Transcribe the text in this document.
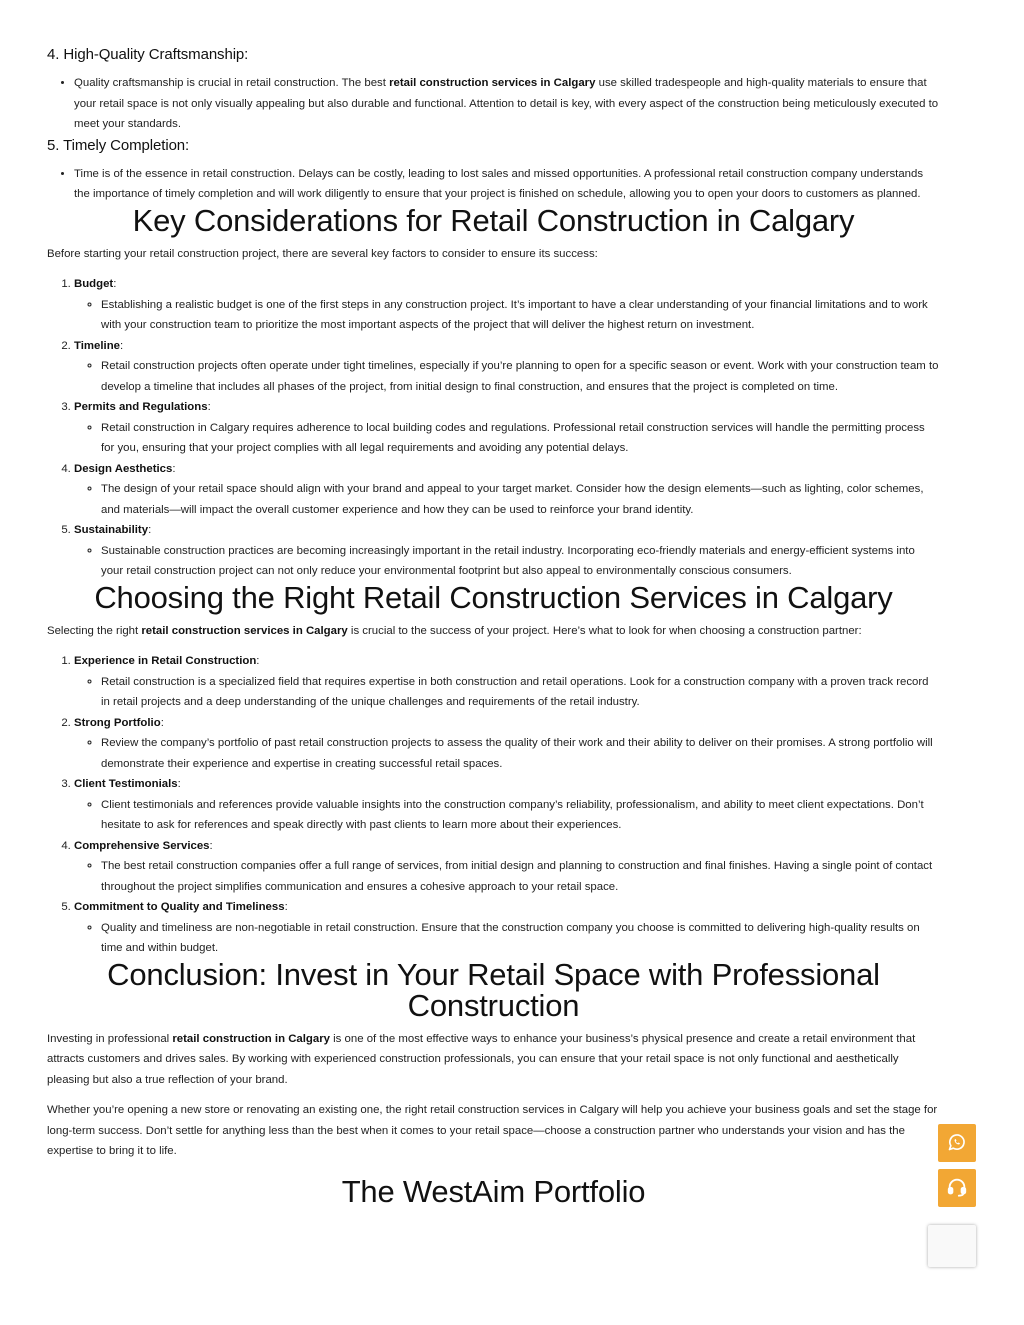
4. High-Quality Craftsmanship:
• Quality craftsmanship is crucial in retail construction. The best retail construction services in Calgary use skilled tradespeople and high-quality materials to ensure that your retail space is not only visually appealing but also durable and functional. Attention to detail is key, with every aspect of the construction being meticulously executed to meet your standards.
5. Timely Completion:
• Time is of the essence in retail construction. Delays can be costly, leading to lost sales and missed opportunities. A professional retail construction company understands the importance of timely completion and will work diligently to ensure that your project is finished on schedule, allowing you to open your doors to customers as planned.
Key Considerations for Retail Construction in Calgary

Before starting your retail construction project, there are several key factors to consider to ensure its success:

1. Budget:
◦ Establishing a realistic budget is one of the first steps in any construction project. It’s important to have a clear understanding of your financial limitations and to work with your construction team to prioritize the most important aspects of the project that will deliver the highest return on investment.
2. Timeline:
◦ Retail construction projects often operate under tight timelines, especially if you’re planning to open for a specific season or event. Work with your construction team to develop a timeline that includes all phases of the project, from initial design to final construction, and ensures that the project is completed on time.
3. Permits and Regulations:
◦ Retail construction in Calgary requires adherence to local building codes and regulations. Professional retail construction services will handle the permitting process for you, ensuring that your project complies with all legal requirements and avoiding any potential delays.
4. Design Aesthetics:
◦ The design of your retail space should align with your brand and appeal to your target market. Consider how the design elements—such as lighting, color schemes, and materials—will impact the overall customer experience and how they can be used to reinforce your brand identity.
5. Sustainability:
◦ Sustainable construction practices are becoming increasingly important in the retail industry. Incorporating eco-friendly materials and energy-efficient systems into your retail construction project can not only reduce your environmental footprint but also appeal to environmentally conscious consumers.
Choosing the Right Retail Construction Services in Calgary

Selecting the right retail construction services in Calgary is crucial to the success of your project. Here’s what to look for when choosing a construction partner:

1. Experience in Retail Construction:
◦ Retail construction is a specialized field that requires expertise in both construction and retail operations. Look for a construction company with a proven track record in retail projects and a deep understanding of the unique challenges and requirements of the retail industry.
2. Strong Portfolio:
◦ Review the company’s portfolio of past retail construction projects to assess the quality of their work and their ability to deliver on their promises. A strong portfolio will demonstrate their experience and expertise in creating successful retail spaces.
3. Client Testimonials:
◦ Client testimonials and references provide valuable insights into the construction company’s reliability, professionalism, and ability to meet client expectations. Don’t hesitate to ask for references and speak directly with past clients to learn more about their experiences.
4. Comprehensive Services:
◦ The best retail construction companies offer a full range of services, from initial design and planning to construction and final finishes. Having a single point of contact throughout the project simplifies communication and ensures a cohesive approach to your retail space.
5. Commitment to Quality and Timeliness:
◦ Quality and timeliness are non-negotiable in retail construction. Ensure that the construction company you choose is committed to delivering high-quality results on time and within budget.
Conclusion: Invest in Your Retail Space with Professional Construction

Investing in professional retail construction in Calgary is one of the most effective ways to enhance your business’s physical presence and create a retail environment that attracts customers and drives sales. By working with experienced construction professionals, you can ensure that your retail space is not only functional and aesthetically pleasing but also a true reflection of your brand.

Whether you’re opening a new store or renovating an existing one, the right retail construction services in Calgary will help you achieve your business goals and set the stage for long-term success. Don’t settle for anything less than the best when it comes to your retail space—choose a construction partner who understands your vision and has the expertise to bring it to life.

The WestAim Portfolio
